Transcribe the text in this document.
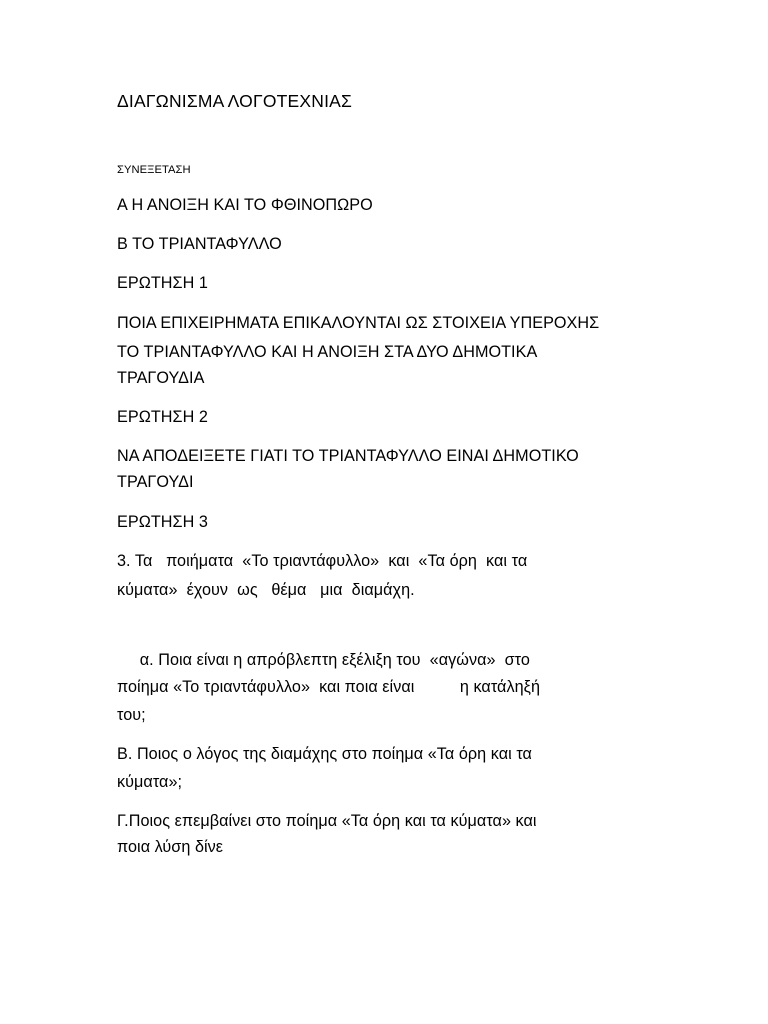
ΔΙΑΓΩΝΙΣΜΑ ΛΟΓΟΤΕΧΝΙΑΣ
ΣΥΝΕΞΕΤΑΣΗ
Α Η ΑΝΟΙΞΗ ΚΑΙ ΤΟ ΦΘΙΝΟΠΩΡΟ
Β ΤΟ ΤΡΙΑΝΤΑΦΥΛΛΟ
ΕΡΩΤΗΣΗ 1
ΠΟΙΑ ΕΠΙΧΕΙΡΗΜΑΤΑ ΕΠΙΚΑΛΟΥΝΤΑΙ ΩΣ ΣΤΟΙΧΕΙΑ ΥΠΕΡΟΧΗΣ
ΤΟ ΤΡΙΑΝΤΑΦΥΛΛΟ ΚΑΙ Η ΑΝΟΙΞΗ ΣΤΑ ΔΥΟ ΔΗΜΟΤΙΚΑ
ΤΡΑΓΟΥΔΙΑ
ΕΡΩΤΗΣΗ 2
ΝΑ ΑΠΟΔΕΙΞΕΤΕ ΓΙΑΤΙ ΤΟ ΤΡΙΑΝΤΑΦΥΛΛΟ ΕΙΝΑΙ ΔΗΜΟΤΙΚΟ
ΤΡΑΓΟΥΔΙ
ΕΡΩΤΗΣΗ 3
3. Τα   ποιήματα  «Το τριαντάφυλλο»  και  «Τα όρη  και τα
κύματα»  έχουν  ως   θέμα   μια  διαμάχη.
α. Ποια είναι η απρόβλεπτη εξέλιξη του  «αγώνα»  στο
ποίημα «Το τριαντάφυλλο»  και ποια είναι          η κατάληξή
του;
Β. Ποιος ο λόγος της διαμάχης στο ποίημα «Τα όρη και τα
κύματα»;
Γ.Ποιος επεμβαίνει στο ποίημα «Τα όρη και τα κύματα» και
ποια λύση δίνε
